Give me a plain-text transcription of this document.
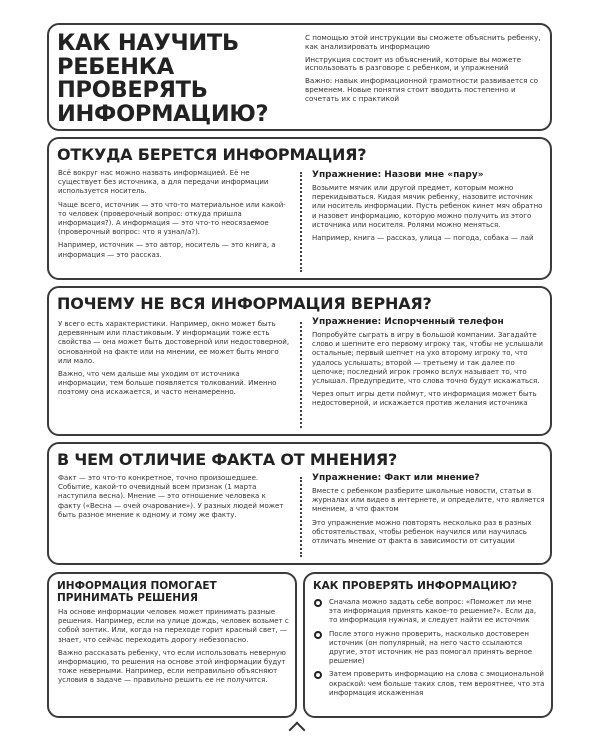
КАК НАУЧИТЬ РЕБЕНКА ПРОВЕРЯТЬ ИНФОРМАЦИЮ?

С помощью этой инструкции вы сможете объяснить ребенку, как анализировать информацию

Инструкция состоит из объяснений, которые вы можете использовать в разговоре с ребенком, и упражнений

Важно: навык информационной грамотности развивается со временем. Новые понятия стоит вводить постепенно и сочетать их с практикой

ОТКУДА БЕРЕТСЯ ИНФОРМАЦИЯ?

Всё вокруг нас можно назвать информацией. Её не существует без источника, а для передачи информации используется носитель.

Чаще всего, источник — это что-то материальное или какой-то человек (проверочный вопрос: откуда пришла информация?). А информация — это что-то неосязаемое (проверочный вопрос: что я узнал/а?).

Например, источник — это автор, носитель — это книга, а информация — это рассказ.

Упражнение: Назови мне «пару»

Возьмите мячик или другой предмет, которым можно перекидываться. Кидая мячик ребенку, назовите источник или носитель информации. Пусть ребенок кинет мяч обратно и назовет информацию, которую можно получить из этого источника или носителя. Ролями можно меняться.

Например, книга — рассказ, улица — погода, собака — лай

ПОЧЕМУ НЕ ВСЯ ИНФОРМАЦИЯ ВЕРНАЯ?

У всего есть характеристики. Например, окно может быть деревянным или пластиковым. У информации тоже есть свойства — она может быть достоверной или недостоверной, основанной на факте или на мнении, ее может быть много или мало.

Важно, что чем дальше мы уходим от источника информации, тем больше появляется толкований. Именно поэтому она искажается, и часто ненамеренно.

Упражнение: Испорченный телефон

Попробуйте сыграть в игру в большой компании. Загадайте слово и шепните его первому игроку так, чтобы не услышали остальные; первый шепчет на ухо второму игроку то, что удалось услышать; второй — третьему и так далее по цепочке; последний игрок громко вслух называет то, что услышал. Предупредите, что слова точно будут искажаться.

Через опыт игры дети поймут, что информация может быть недостоверной, и искажается против желания источника

В ЧЕМ ОТЛИЧИЕ ФАКТА ОТ МНЕНИЯ?

Факт — это что-то конкретное, точно произошедшее. Событие, какой-то очевидный всем признак (1 марта наступила весна). Мнение — это отношение человека к факту («Весна — очей очарование»). У разных людей может быть разное мнение к одному и тому же факту.

Упражнение: Факт или мнение?

Вместе с ребенком разберите школьные новости, статьи в журналах или видео в интернете, и определите, что является мнением, а что фактом

Это упражнение можно повторять несколько раз в разных обстоятельствах, чтобы ребенок научился или научилась отличать мнение от факта в зависимости от ситуации

ИНФОРМАЦИЯ ПОМОГАЕТ ПРИНИМАТЬ РЕШЕНИЯ

На основе информации человек может принимать разные решения. Например, если на улице дождь, человек возьмет с собой зонтик. Или, когда на переходе горит красный свет, — знает, что сейчас переходить дорогу небезопасно.

Важно рассказать ребенку, что если использовать неверную информацию, то решения на основе этой информации будут тоже неверными. Например, если неправильно объясняют условия в задаче — правильно решить ее не получится.

КАК ПРОВЕРЯТЬ ИНФОРМАЦИЮ?

Сначала можно задать себе вопрос: «Поможет ли мне эта информация принять какое-то решение?». Если да, то информация нужная, и следует найти ее источник

После этого нужно проверить, насколько достоверен источник (он популярный, на него часто ссылаются другие, этот источник не раз помогал принять верное решение)

Затем проверить информацию на слова с эмоциональной окраской: чем больше таких слов, тем вероятнее, что эта информация искаженная
